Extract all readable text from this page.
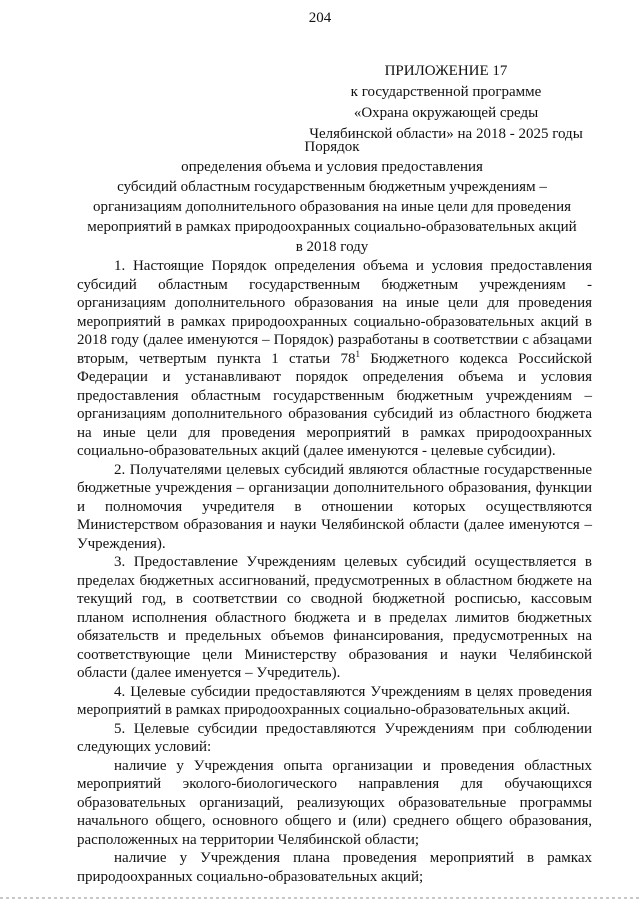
204
ПРИЛОЖЕНИЕ 17
к государственной программе
«Охрана окружающей среды
Челябинской области» на 2018 - 2025 годы
Порядок
определения объема и условия предоставления
субсидий областным государственным бюджетным учреждениям –
организациям дополнительного образования на иные цели для проведения
мероприятий в рамках природоохранных социально-образовательных акций
в 2018 году

1. Настоящие Порядок определения объема и условия предоставления субсидий областным государственным бюджетным учреждениям - организациям дополнительного образования на иные цели для проведения мероприятий в рамках природоохранных социально-образовательных акций в 2018 году (далее именуются – Порядок) разработаны в соответствии с абзацами вторым, четвертым пункта 1 статьи $78^1$ Бюджетного кодекса Российской Федерации и устанавливают порядок определения объема и условия предоставления областным государственным бюджетным учреждениям – организациям дополнительного образования субсидий из областного бюджета на иные цели для проведения мероприятий в рамках природоохранных социально-образовательных акций (далее именуются - целевые субсидии).

2. Получателями целевых субсидий являются областные государственные бюджетные учреждения – организации дополнительного образования, функции и полномочия учредителя в отношении которых осуществляются Министерством образования и науки Челябинской области (далее именуются – Учреждения).

3. Предоставление Учреждениям целевых субсидий осуществляется в пределах бюджетных ассигнований, предусмотренных в областном бюджете на текущий год, в соответствии со сводной бюджетной росписью, кассовым планом исполнения областного бюджета и в пределах лимитов бюджетных обязательств и предельных объемов финансирования, предусмотренных на соответствующие цели Министерству образования и науки Челябинской области (далее именуется – Учредитель).

4. Целевые субсидии предоставляются Учреждениям в целях проведения мероприятий в рамках природоохранных социально-образовательных акций.

5. Целевые субсидии предоставляются Учреждениям при соблюдении следующих условий:

наличие у Учреждения опыта организации и проведения областных мероприятий эколого-биологического направления для обучающихся образовательных организаций, реализующих образовательные программы начального общего, основного общего и (или) среднего общего образования, расположенных на территории Челябинской области;

наличие у Учреждения плана проведения мероприятий в рамках природоохранных социально-образовательных акций;
